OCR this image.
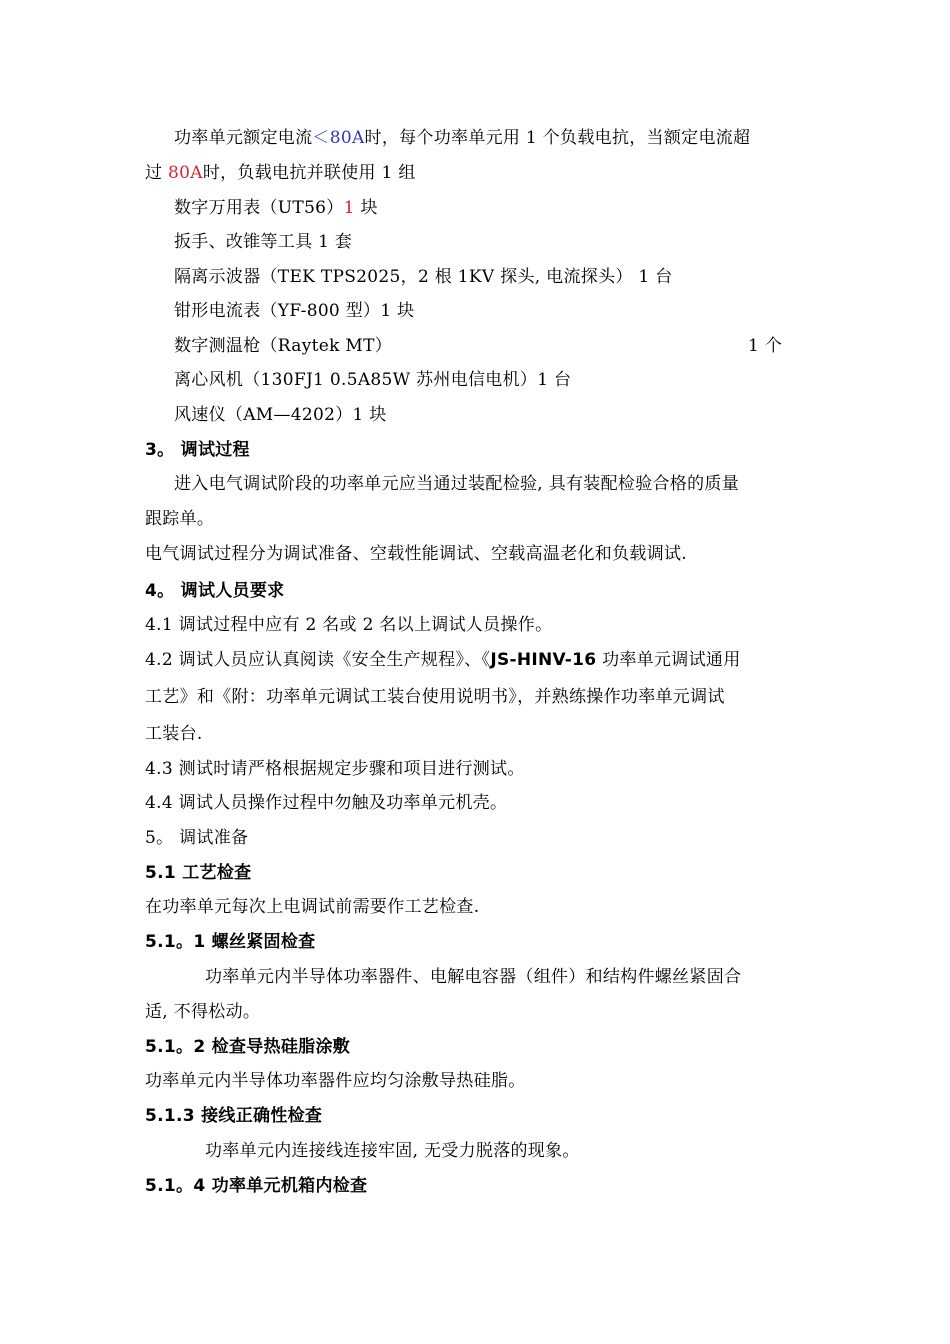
功率单元额定电流＜80A时，每个功率单元用 1 个负载电抗，当额定电流超
过 80A时，负载电抗并联使用 1 组
数字万用表（UT56）1 块
扳手、改锥等工具 1 套
隔离示波器（TEK TPS2025，2 根 1KV 探头, 电流探头） 1 台
钳形电流表（YF-800 型）1 块
数字测温枪（Raytek MT）	1 个
离心风机（130FJ1 0.5A85W 苏州电信电机）1 台
风速仪（AM—4202）1 块
3。 调试过程
进入电气调试阶段的功率单元应当通过装配检验, 具有装配检验合格的质量
跟踪单。
电气调试过程分为调试准备、空载性能调试、空载高温老化和负载调试.
4。 调试人员要求
4.1 调试过程中应有 2 名或 2 名以上调试人员操作。
4.2 调试人员应认真阅读《安全生产规程》、《JS-HINV-16 功率单元调试通用
工艺》和《附：功率单元调试工装台使用说明书》，并熟练操作功率单元调试
工装台.
4.3 测试时请严格根据规定步骤和项目进行测试。
4.4 调试人员操作过程中勿触及功率单元机壳。
5。 调试准备
5.1 工艺检查
在功率单元每次上电调试前需要作工艺检查.
5.1。1 螺丝紧固检查
功率单元内半导体功率器件、电解电容器（组件）和结构件螺丝紧固合
适, 不得松动。
5.1。2 检查导热硅脂涂敷
功率单元内半导体功率器件应均匀涂敷导热硅脂。
5.1.3 接线正确性检查
功率单元内连接线连接牢固, 无受力脱落的现象。
5.1。4 功率单元机箱内检查
